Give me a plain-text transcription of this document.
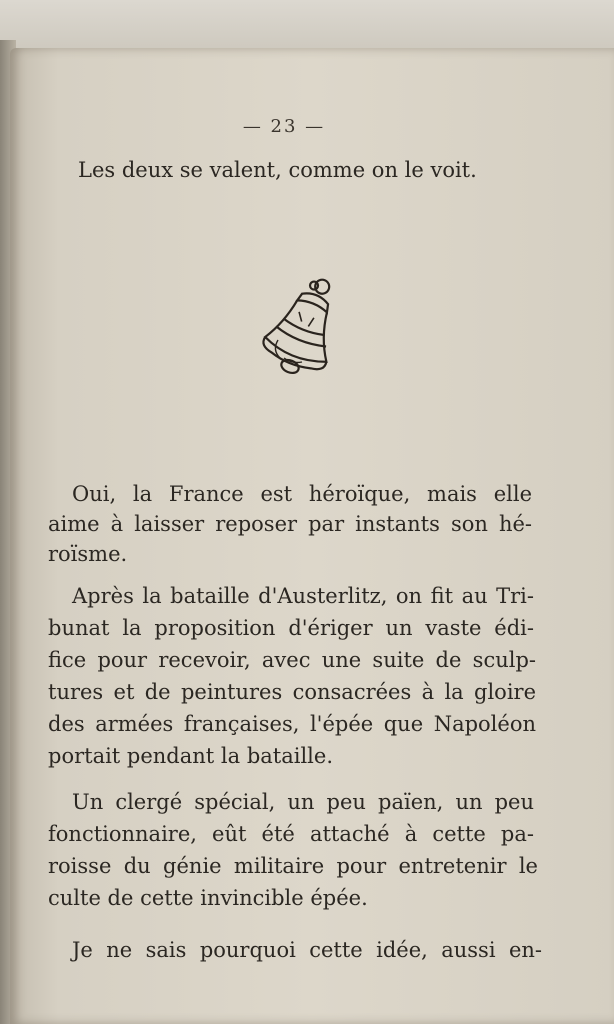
— 23 —
Les deux se valent, comme on le voit.
Oui, la France est héroïque, mais elle
aime à laisser reposer par instants son hé-
roïsme.
Après la bataille d'Austerlitz, on fit au Tri-
bunat la proposition d'ériger un vaste édi-
fice pour recevoir, avec une suite de sculp-
tures et de peintures consacrées à la gloire
des armées françaises, l'épée que Napoléon
portait pendant la bataille.
Un clergé spécial, un peu païen, un peu
fonctionnaire, eût été attaché à cette pa-
roisse du génie militaire pour entretenir le
culte de cette invincible épée.
Je ne sais pourquoi cette idée, aussi en-
